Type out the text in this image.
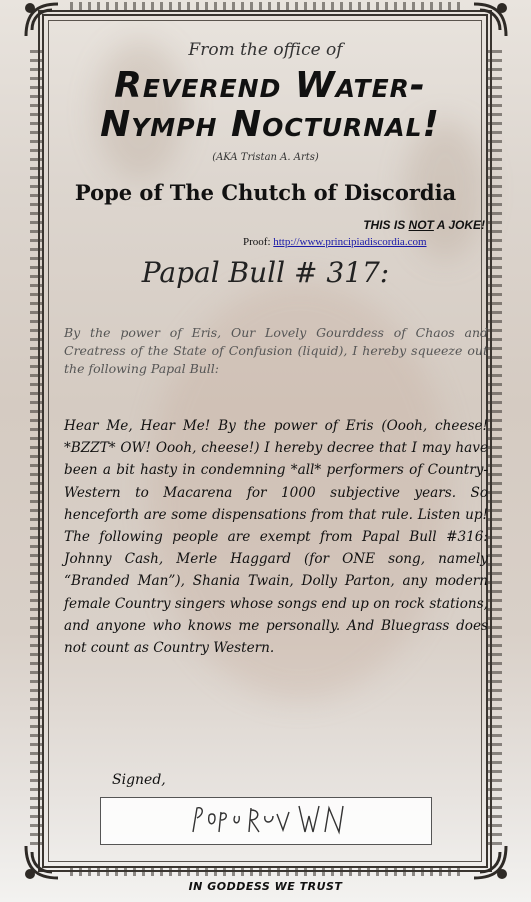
From the office of
Reverend Water-Nymph Nocturnal!
(AKA Tristan A. Arts)
Pope of The Chutch of Discordia
THIS IS NOT A JOKE!
Proof: http://www.principiadiscordia.com
Papal Bull # 317:
By the power of Eris, Our Lovely Gourddess of Chaos and Creatress of the State of Confusion (liquid), I hereby squeeze out the following Papal Bull:
Hear Me, Hear Me! By the power of Eris (Oooh, cheese! *BZZT* OW! Oooh, cheese!) I hereby decree that I may have been a bit hasty in condemning *all* performers of Country-Western to Macarena for 1000 subjective years. So henceforth are some dispensations from that rule. Listen up! The following people are exempt from Papal Bull #316: Johnny Cash, Merle Haggard (for ONE song, namely “Branded Man”), Shania Twain, Dolly Parton, any modern female Country singers whose songs end up on rock stations, and anyone who knows me personally. And Bluegrass does not count as Country Western.
Signed,
IN GODDESS WE TRUST
